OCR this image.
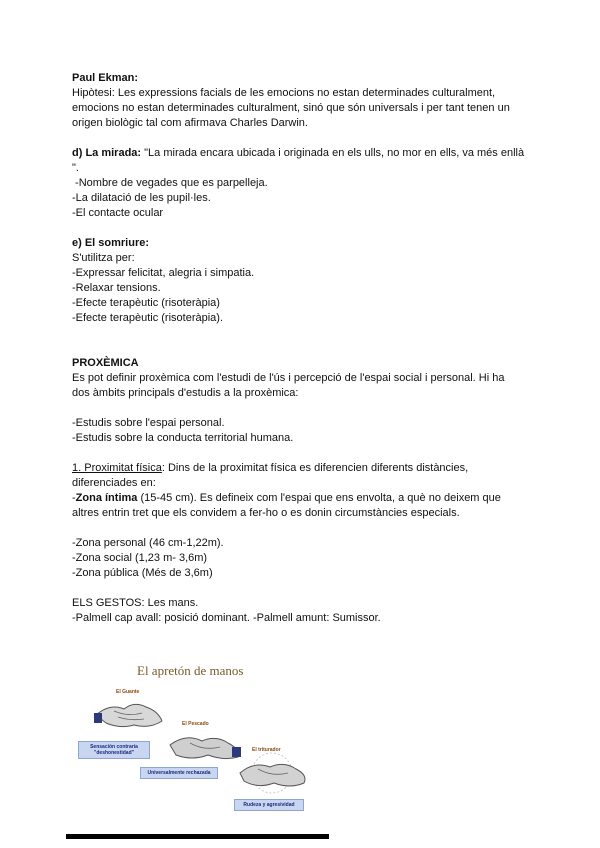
Paul Ekman:

Hipòtesi: Les expressions facials de les emocions no estan determinades culturalment,

emocions no estan determinades culturalment, sinó que són universals i per tant tenen un

origen biològic tal com afirmava Charles Darwin.

d) La mirada: "La mirada encara ubicada i originada en els ulls, no mor en ells, va més enllà

".

-Nombre de vegades que es parpelleja.

-La dilatació de les pupil·les.

-El contacte ocular

e) El somriure:

S'utilitza per:

-Expressar felicitat, alegria i simpatia.

-Relaxar tensions.

-Efecte terapèutic (risoteràpia)

-Efecte terapèutic (risoteràpia).

PROXÈMICA

Es pot definir proxèmica com l'estudi de l'ús i percepció de l'espai social i personal. Hi ha

dos àmbits principals d'estudis a la proxèmica:

-Estudis sobre l'espai personal.

-Estudis sobre la conducta territorial humana.

1. Proximitat física: Dins de la proximitat física es diferencien diferents distàncies,

diferenciades en:

-Zona íntima (15-45 cm). Es defineix com l'espai que ens envolta, a què no deixem que

altres entrin tret que els convidem a fer-ho o es donin circumstàncies especials.

-Zona personal (46 cm-1,22m).

-Zona social (1,23 m- 3,6m)

-Zona pública (Més de 3,6m)

ELS GESTOS: Les mans.

-Palmell cap avall: posició dominant. -Palmell amunt: Sumissor.

El apretón de manos
El Guante
El Pescado
El triturador
Sensación contraria
"deshonestidad"
Universalmente rechazada
Rudeza y agresividad
